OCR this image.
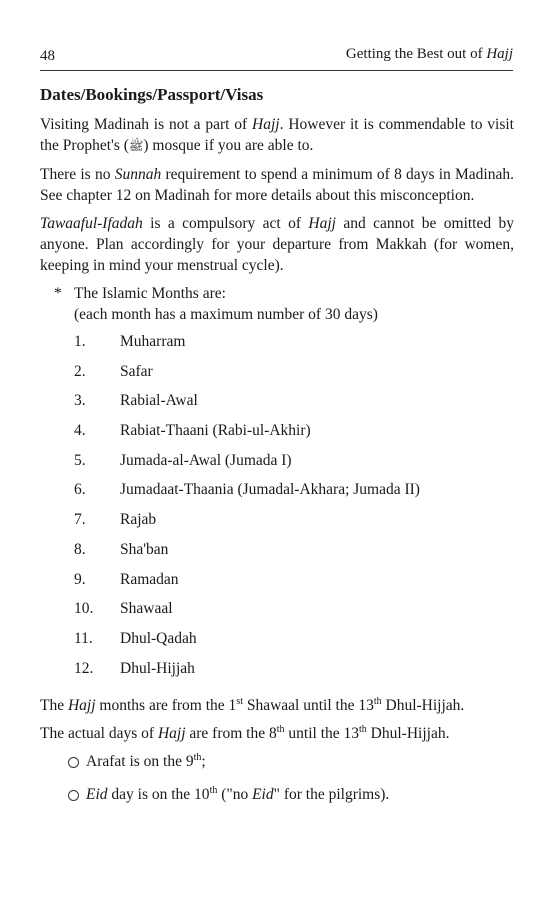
48	Getting the Best out of Hajj
Dates/Bookings/Passport/Visas

Visiting Madinah is not a part of Hajj. However it is commendable to visit the Prophet's (ﷺ) mosque if you are able to.

There is no Sunnah requirement to spend a minimum of 8 days in Madinah. See chapter 12 on Madinah for more details about this misconception.

Tawaaful-Ifadah is a compulsory act of Hajj and cannot be omitted by anyone. Plan accordingly for your departure from Makkah (for women, keeping in mind your menstrual cycle).

* The Islamic Months are:
(each month has a maximum number of 30 days)
1.	Muharram
2.	Safar
3.	Rabial-Awal
4.	Rabiat-Thaani (Rabi-ul-Akhir)
5.	Jumada-al-Awal (Jumada I)
6.	Jumadaat-Thaania (Jumadal-Akhara; Jumada II)
7.	Rajab
8.	Sha'ban
9.	Ramadan
10.	Shawaal
11.	Dhul-Qadah
12.	Dhul-Hijjah

The Hajj months are from the 1st Shawaal until the 13th Dhul-Hijjah.

The actual days of Hajj are from the 8th until the 13th Dhul-Hijjah.

Arafat is on the 9th;
Eid day is on the 10th ("no Eid" for the pilgrims).
